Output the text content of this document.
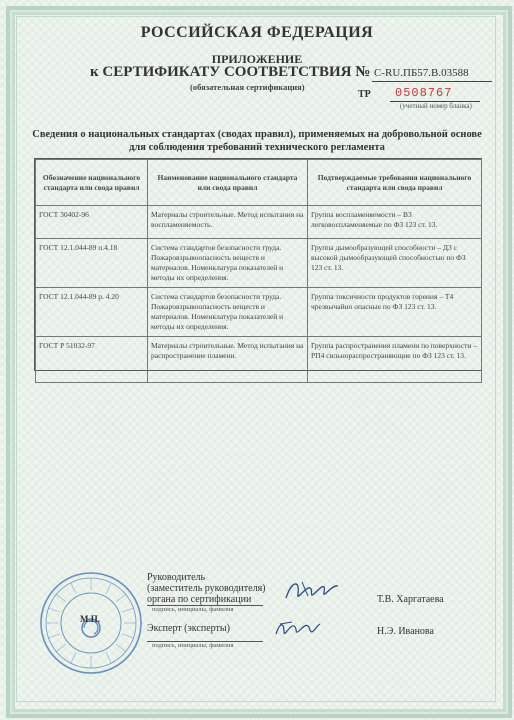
РОССИЙСКАЯ ФЕДЕРАЦИЯ
ПРИЛОЖЕНИЕ
к СЕРТИФИКАТУ СООТВЕТСТВИЯ № C-RU.ПБ57.В.03588
(обязательная сертификация)
ТР 0508767
(учетный номер бланка)
Сведения о национальных стандартах (сводах правил), применяемых на добровольной основе
для соблюдения требований технического регламента
Обозначение национального стандарта или свода правил	Наименование национального стандарта или свода правил	Подтверждаемые требования национального стандарта или свода правил
ГОСТ 30402-96	Материалы строительные. Метод испытания на воспламеняемость.	Группа воспламеняемости – В3 легковоспламеняемые по ФЗ 123 ст. 13.
ГОСТ 12.1.044-89 п.4.18	Система стандартов безопасности труда. Пожаровзрывоопасность веществ и материалов. Номенклатура показателей и методы их определения.	Группа дымообразующей способности – Д3 с высокой дымообразующей способностью по ФЗ 123 ст. 13.
ГОСТ 12.1.044-89 р. 4.20	Система стандартов безопасности труда. Пожаровзрывоопасность веществ и материалов. Номенклатура показателей и методы их определения.	Группа токсичности продуктов горения – Т4 чрезвычайно опасные по ФЗ 123 ст. 13.
ГОСТ Р 51032-97	Материалы строительные. Метод испытания на распространение пламени.	Группа распространения пламени по поверхности – РП4 сильнораспространяющие по ФЗ 123 ст. 13.
М.П.
Руководитель
(заместитель руководителя)
органа по сертификации
подпись, инициалы, фамилия
Т.В. Харгатаева
Эксперт (эксперты)
подпись, инициалы, фамилия
Н.Э. Иванова
